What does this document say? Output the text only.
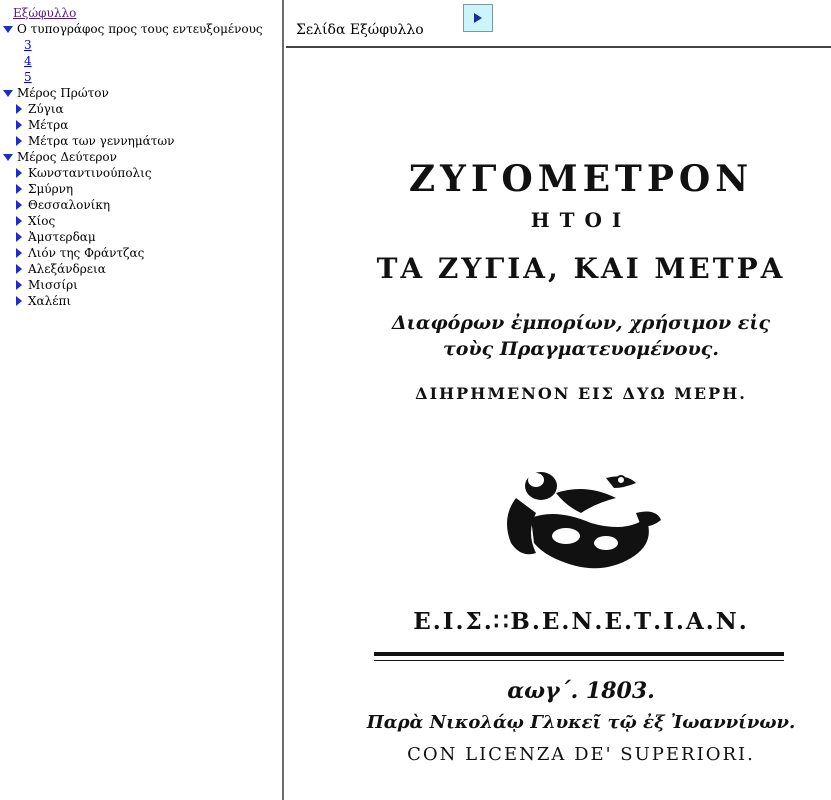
Εξώφυλλο
Ο τυπογράφος προς τους εντευξομένους
3
4
5
Μέρος Πρώτον
Ζύγια
Μέτρα
Μέτρα των γεννημάτων
Μέρος Δεύτερον
Κωνσταντινούπολις
Σμύρνη
Θεσσαλονίκη
Χίος
Ἀμστερδαμ
Λιόν της Φράντζας
Αλεξάνδρεια
Μισσίρι
Χαλέπι
Σελίδα Εξώφυλλο
ΖΥΓΟΜΕΤΡΟΝ
ΗΤΟΙ
ΤΑ ΖΥΓΙΑ, ΚΑΙ ΜΕΤΡΑ
Διαφόρων ἐμπορίων, χρήσιμον εἰς
τοὺς Πραγματευομένους.
ΔΙΗΡΗΜΕΝΟΝ ΕΙΣ ΔΥΩ ΜΕΡΗ.
Ε.Ι.Σ.∷Β.Ε.Ν.Ε.Τ.Ι.Α.Ν.
αωγ´. 1803.
Παρὰ Νικολάῳ Γλυκεῖ τῷ ἐξ Ἰωαννίνων.
CON LICENZA DE' SUPERIORI.
